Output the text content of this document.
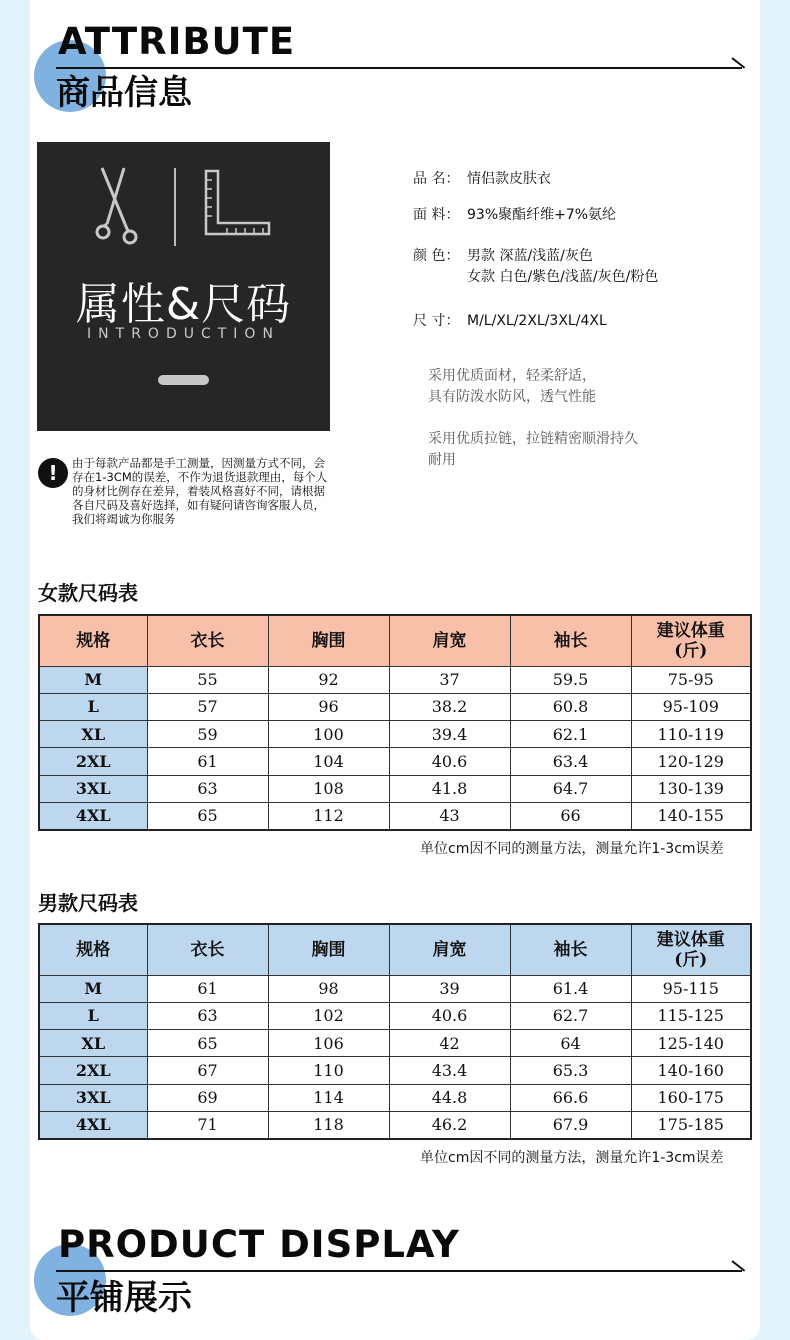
ATTRIBUTE
商品信息
属性&尺码
INTRODUCTION
!	由于每款产品都是手工测量，因测量方式不同，会存在1-3CM的误差，不作为退货退款理由，每个人的身材比例存在差异，着装风格喜好不同，请根据各自尺码及喜好选择，如有疑问请咨询客服人员，我们将竭诚为你服务
品 名： 情侣款皮肤衣
面 料： 93%聚酯纤维+7%氨纶
颜 色： 男款 深蓝/浅蓝/灰色
女款 白色/紫色/浅蓝/灰色/粉色
尺 寸： M/L/XL/2XL/3XL/4XL
采用优质面材，轻柔舒适，
具有防泼水防风，透气性能
采用优质拉链，拉链精密顺滑持久
耐用
女款尺码表
规格	衣长	胸围	肩宽	袖长	建议体重
(斤)
M	55	92	37	59.5	75-95
L	57	96	38.2	60.8	95-109
XL	59	100	39.4	62.1	110-119
2XL	61	104	40.6	63.4	120-129
3XL	63	108	41.8	64.7	130-139
4XL	65	112	43	66	140-155
单位cm因不同的测量方法，测量允许1-3cm误差
男款尺码表
规格	衣长	胸围	肩宽	袖长	建议体重
(斤)
M	61	98	39	61.4	95-115
L	63	102	40.6	62.7	115-125
XL	65	106	42	64	125-140
2XL	67	110	43.4	65.3	140-160
3XL	69	114	44.8	66.6	160-175
4XL	71	118	46.2	67.9	175-185
单位cm因不同的测量方法，测量允许1-3cm误差
PRODUCT DISPLAY
平铺展示
